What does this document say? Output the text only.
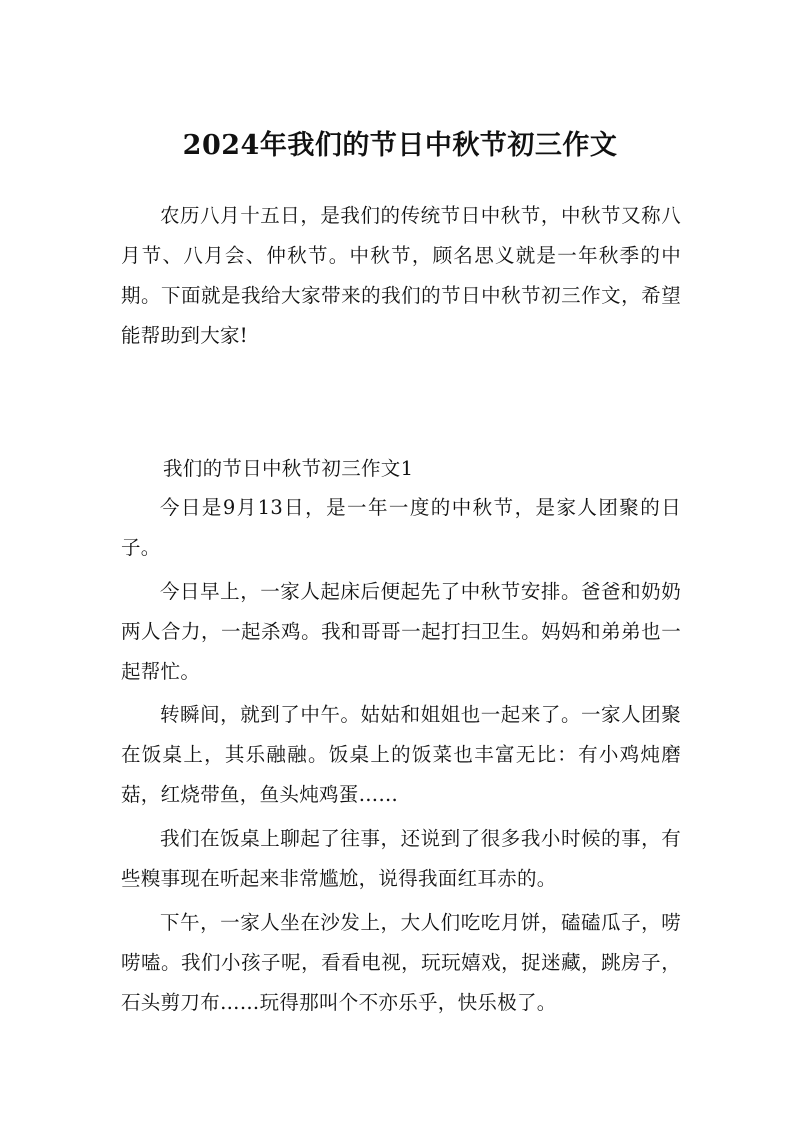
2024年我们的节日中秋节初三作文

农历八月十五日，是我们的传统节日中秋节，中秋节又称八月节、八月会、仲秋节。中秋节，顾名思义就是一年秋季的中期。下面就是我给大家带来的我们的节日中秋节初三作文，希望能帮助到大家!

我们的节日中秋节初三作文1

今日是9月13日，是一年一度的中秋节，是家人团聚的日子。

今日早上，一家人起床后便起先了中秋节安排。爸爸和奶奶两人合力，一起杀鸡。我和哥哥一起打扫卫生。妈妈和弟弟也一起帮忙。

转瞬间，就到了中午。姑姑和姐姐也一起来了。一家人团聚在饭桌上，其乐融融。饭桌上的饭菜也丰富无比：有小鸡炖磨菇，红烧带鱼，鱼头炖鸡蛋……

我们在饭桌上聊起了往事，还说到了很多我小时候的事，有些糗事现在听起来非常尴尬，说得我面红耳赤的。

下午，一家人坐在沙发上，大人们吃吃月饼，磕磕瓜子，唠唠嗑。我们小孩子呢，看看电视，玩玩嬉戏，捉迷藏，跳房子，石头剪刀布……玩得那叫个不亦乐乎，快乐极了。
